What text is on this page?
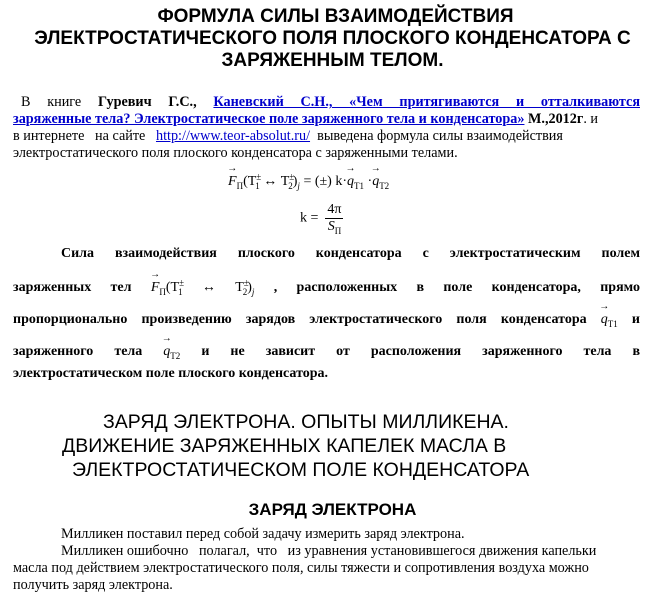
ФОРМУЛА СИЛЫ ВЗАИМОДЕЙСТВИЯ
ЭЛЕКТРОСТАТИЧЕСКОГО ПОЛЯ ПЛОСКОГО КОНДЕНСАТОРА С
ЗАРЯЖЕННЫМ ТЕЛОМ.
В книге Гуревич Г.С., Каневский С.Н., «Чем притягиваются и отталкиваются
заряженные тела? Электростатическое поле заряженного тела и конденсатора» М.,2012г. и
в интернете   на сайте   http://www.teor-absolut.ru/  выведена формула силы взаимодействия
электростатического поля плоского конденсатора с заряженными телами.
→ $F_П(Т^\pm_1$ ↔ $Т^\pm_2)_j$ = (±) $k\cdot\to q_{Т1} \cdot\to q_{Т2}$
$k = \frac{4\pi}{S_П}$
Сила взаимодействия плоского конденсатора с электростатическим полем
заряженных тел → $F_П(Т^\pm_1$ ↔ $Т^\pm_2)_j$ , расположенных в поле конденсатора, прямо
пропорционально произведению зарядов электростатического поля конденсатора → $q_{Т1}$ и
заряженного тела → $q_{Т2}$ и не зависит от расположения заряженного тела в
электростатическом поле плоского конденсатора.
ЗАРЯД ЭЛЕКТРОНА. ОПЫТЫ МИЛЛИКЕНА.
ДВИЖЕНИЕ ЗАРЯЖЕННЫХ КАПЕЛЕК МАСЛА В
ЭЛЕКТРОСТАТИЧЕСКОМ ПОЛЕ КОНДЕНСАТОРА
ЗАРЯД ЭЛЕКТРОНА
Милликен поставил перед собой задачу измерить заряд электрона.
Милликен ошибочно   полагал,  что   из уравнения установившегося движения капельки
масла под действием электростатического поля, силы тяжести и сопротивления воздуха можно
получить заряд электрона.
